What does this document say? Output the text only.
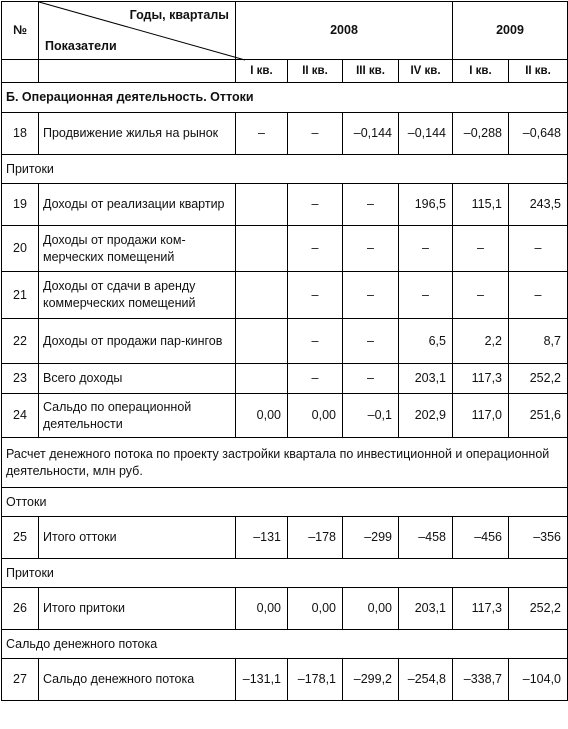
№	Годы, кварталы
Показатели	2008				2009	
		I кв.	II кв.	III кв.	IV кв.	I кв.	II кв.
Б. Операционная деятельность. Оттоки							
18	Продвижение жилья на рынок	–	–	–0,144	–0,144	–0,288	–0,648
Притоки							
19	Доходы от реализации квартир		–	–	196,5	115,1	243,5
20	Доходы от продажи ком-мерческих помещений		–	–	–	–	–
21	Доходы от сдачи в аренду коммерческих помещений		–	–	–	–	–
22	Доходы от продажи пар-кингов		–	–	6,5	2,2	8,7
23	Всего доходы		–	–	203,1	117,3	252,2
24	Сальдо по операционной деятельности	0,00	0,00	–0,1	202,9	117,0	251,6
Расчет денежного потока по проекту застройки квартала по инвестиционной и операционной деятельности, млн руб.							
Оттоки							
25	Итого оттоки	–131	–178	–299	–458	–456	–356
Притоки							
26	Итого притоки	0,00	0,00	0,00	203,1	117,3	252,2
Сальдо денежного потока							
27	Сальдо денежного потока	–131,1	–178,1	–299,2	–254,8	–338,7	–104,0
